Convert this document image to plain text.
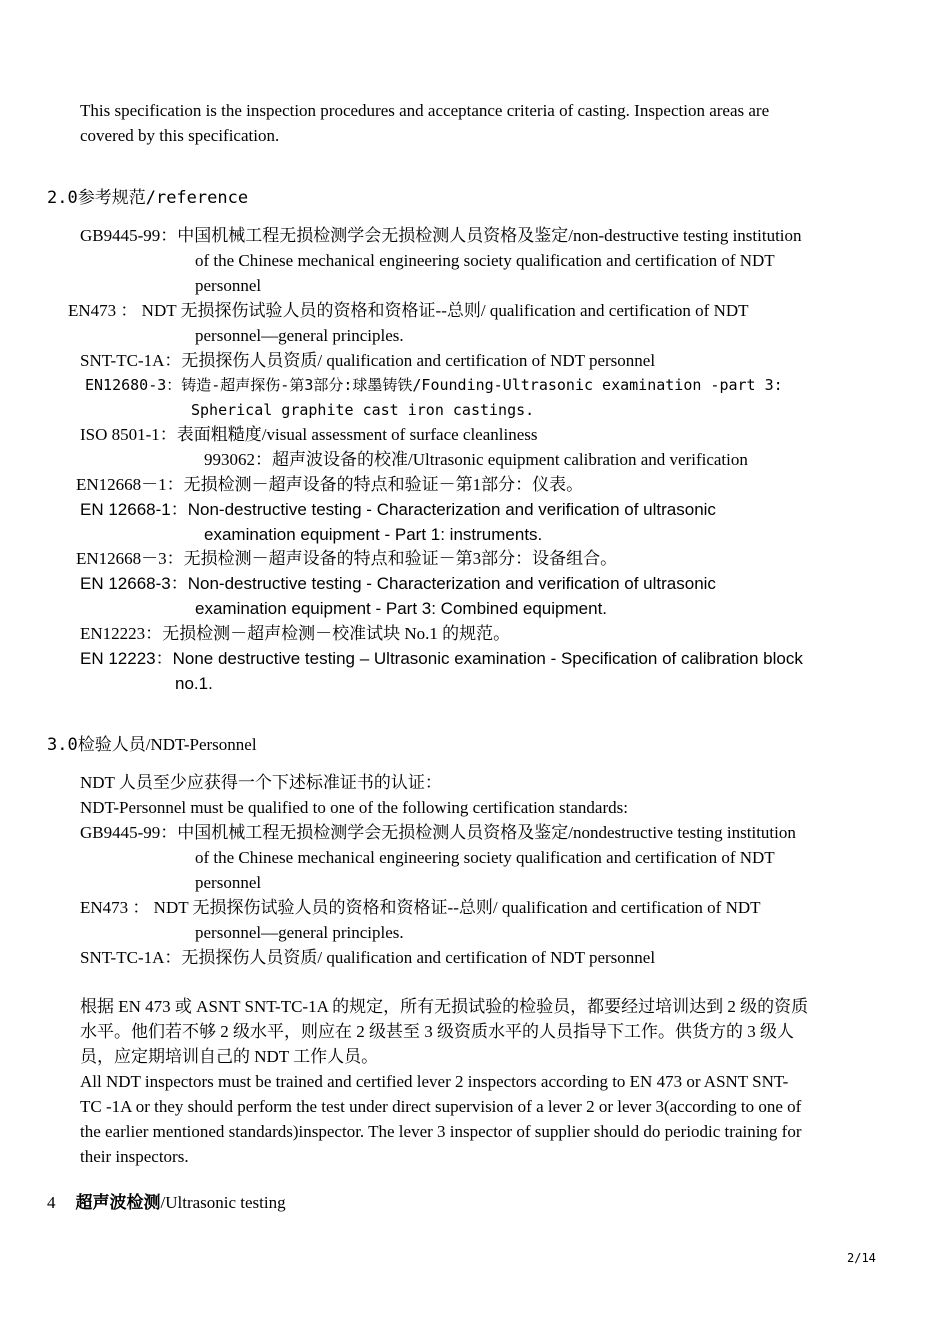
This specification is the inspection procedures and acceptance criteria of casting. Inspection areas are
covered by this specification.
2.0参考规范/reference
GB9445-99：中国机械工程无损检测学会无损检测人员资格及鉴定/non-destructive testing institution
of the Chinese mechanical engineering society qualification and certification of NDT
personnel
EN473 ： NDT 无损探伤试验人员的资格和资格证--总则/ qualification and certification of NDT
personnel—general principles.
SNT-TC-1A：无损探伤人员资质/ qualification and certification of NDT personnel
EN12680-3：铸造-超声探伤-第3部分:球墨铸铁/Founding-Ultrasonic examination -part 3:
Spherical graphite cast iron castings.
ISO 8501-1：表面粗糙度/visual assessment of surface cleanliness
993062：超声波设备的校准/Ultrasonic equipment calibration and verification
EN12668－1：无损检测－超声设备的特点和验证－第1部分：仪表。
EN 12668-1：Non-destructive testing - Characterization and verification of ultrasonic
examination equipment - Part 1: instruments.
EN12668－3：无损检测－超声设备的特点和验证－第3部分：设备组合。
EN 12668-3：Non-destructive testing - Characterization and verification of ultrasonic
examination equipment - Part 3: Combined equipment.
EN12223：无损检测－超声检测－校准试块 No.1 的规范。
EN 12223：None destructive testing – Ultrasonic examination - Specification of calibration block
no.1.
3.0检验人员/NDT-Personnel
NDT 人员至少应获得一个下述标准证书的认证：
NDT-Personnel must be qualified to one of the following certification standards:
GB9445-99：中国机械工程无损检测学会无损检测人员资格及鉴定/nondestructive testing institution
of the Chinese mechanical engineering society qualification and certification of NDT
personnel
EN473 ： NDT 无损探伤试验人员的资格和资格证--总则/ qualification and certification of NDT
personnel—general principles.
SNT-TC-1A：无损探伤人员资质/ qualification and certification of NDT personnel
根据 EN 473 或 ASNT SNT-TC-1A 的规定，所有无损试验的检验员，都要经过培训达到 2 级的资质
水平。他们若不够 2 级水平，则应在 2 级甚至 3 级资质水平的人员指导下工作。供货方的 3 级人
员，应定期培训自己的 NDT 工作人员。
All NDT inspectors must be trained and certified lever 2 inspectors according to EN 473 or ASNT SNT-
TC -1A or they should perform the test under direct supervision of a lever 2 or lever 3(according to one of
the earlier mentioned standards)inspector. The lever 3 inspector of supplier should do periodic training for
their inspectors.
4 超声波检测/Ultrasonic testing
2/14
